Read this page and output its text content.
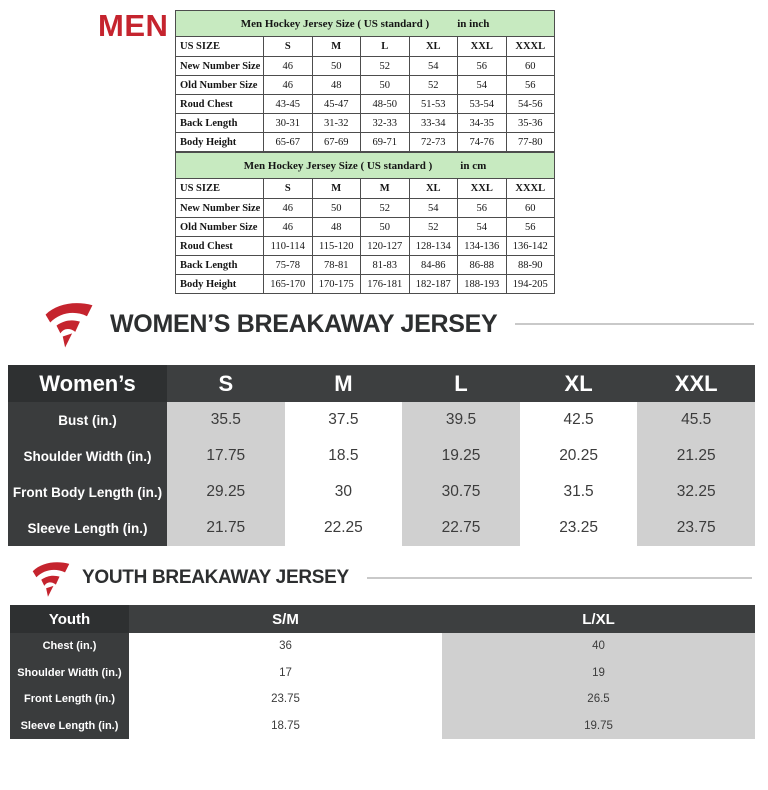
MEN	Men Hockey Jersey Size ( US standard ) in inch						
US SIZE	S	M	L	XL	XXL	XXXL
New Number Size	46	50	52	54	56	60
Old Number Size	46	48	50	52	54	56
Roud Chest	43-45	45-47	48-50	51-53	53-54	54-56
Back Length	30-31	31-32	32-33	33-34	34-35	35-36
Body Height	65-67	67-69	69-71	72-73	74-76	77-80
Men Hockey Jersey Size ( US standard ) in cm						
US SIZE	S	M	M	XL	XXL	XXXL
New Number Size	46	50	52	54	56	60
Old Number Size	46	48	50	52	54	56
Roud Chest	110-114	115-120	120-127	128-134	134-136	136-142
Back Length	75-78	78-81	81-83	84-86	86-88	88-90
Body Height	165-170	170-175	176-181	182-187	188-193	194-205
WOMEN’S BREAKAWAY JERSEY
Women’s	S	M	L	XL	XXL
Bust (in.)	35.5	37.5	39.5	42.5	45.5
Shoulder Width (in.)	17.75	18.5	19.25	20.25	21.25
Front Body Length (in.)	29.25	30	30.75	31.5	32.25
Sleeve Length (in.)	21.75	22.25	22.75	23.25	23.75
YOUTH BREAKAWAY JERSEY
Youth	S/M	L/XL
Chest (in.)	36	40
Shoulder Width (in.)	17	19
Front Length (in.)	23.75	26.5
Sleeve Length (in.)	18.75	19.75
